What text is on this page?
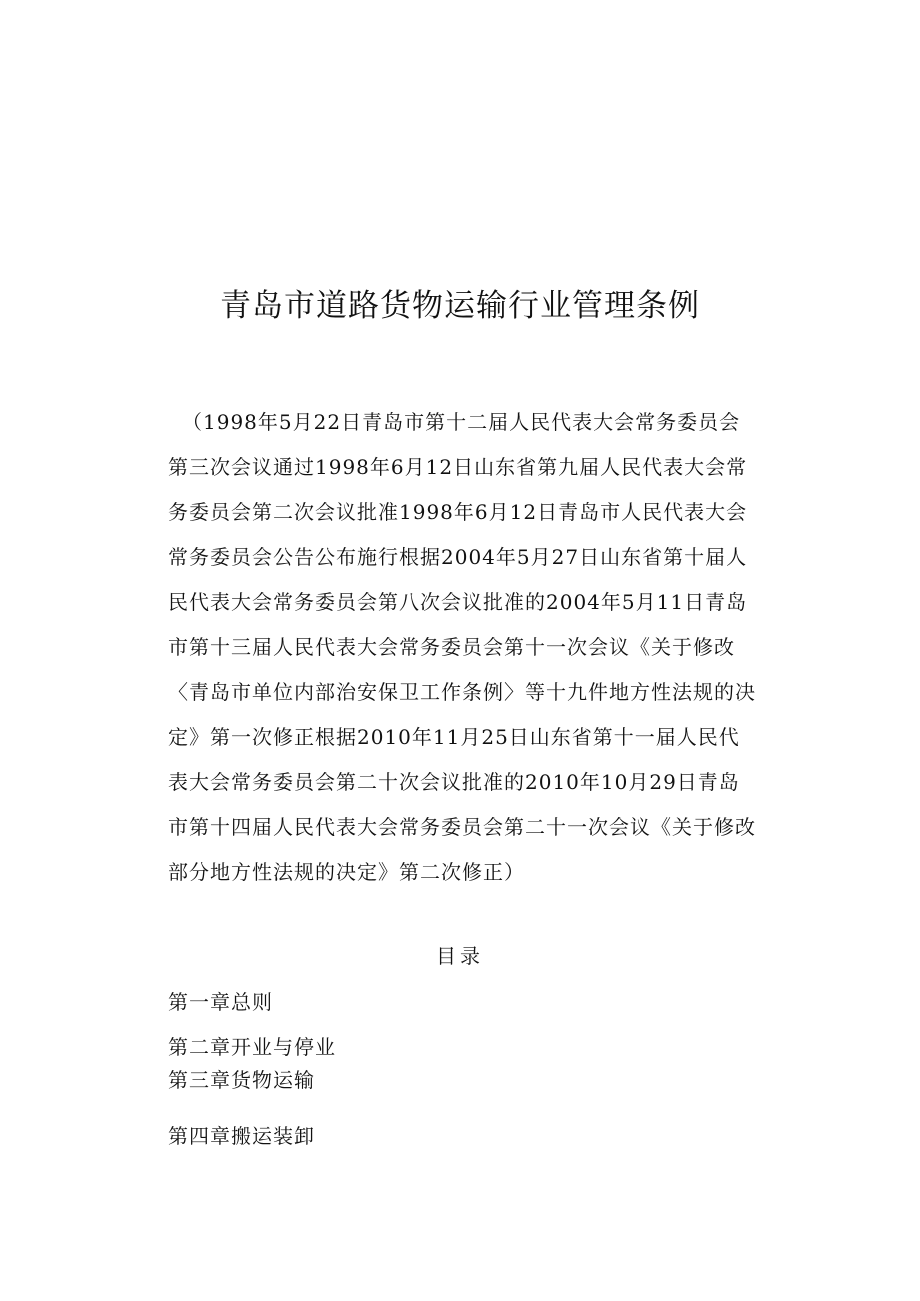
青岛市道路货物运输行业管理条例
（1998年5月22日青岛市第十二届人民代表大会常务委员会
第三次会议通过1998年6月12日山东省第九届人民代表大会常
务委员会第二次会议批准1998年6月12日青岛市人民代表大会
常务委员会公告公布施行根据2004年5月27日山东省第十届人
民代表大会常务委员会第八次会议批准的2004年5月11日青岛
市第十三届人民代表大会常务委员会第十一次会议《关于修改
〈青岛市单位内部治安保卫工作条例〉等十九件地方性法规的决
定》第一次修正根据2010年11月25日山东省第十一届人民代
表大会常务委员会第二十次会议批准的2010年10月29日青岛
市第十四届人民代表大会常务委员会第二十一次会议《关于修改
部分地方性法规的决定》第二次修正）
目录
第一章总则
第二章开业与停业
第三章货物运输
第四章搬运装卸
